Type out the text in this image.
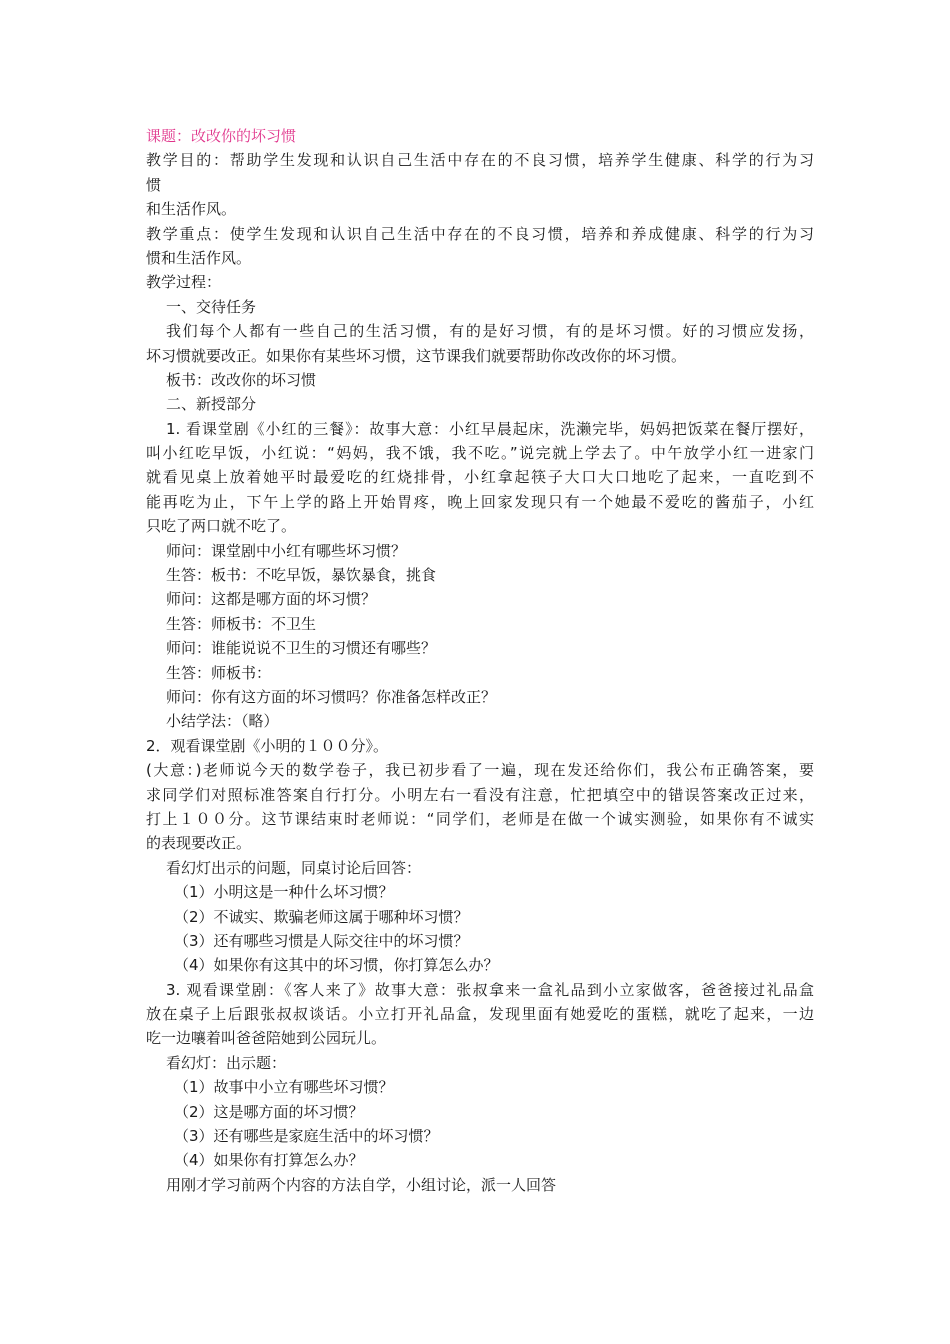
课题：改改你的坏习惯
教学目的：帮助学生发现和认识自己生活中存在的不良习惯，培养学生健康、科学的行为习
惯
和生活作风。
教学重点：使学生发现和认识自己生活中存在的不良习惯，培养和养成健康、科学的行为习
惯和生活作风。
教学过程：
一、交待任务
我们每个人都有一些自己的生活习惯，有的是好习惯，有的是坏习惯。好的习惯应发扬，
坏习惯就要改正。如果你有某些坏习惯，这节课我们就要帮助你改改你的坏习惯。
板书：改改你的坏习惯
二、新授部分
1. 看课堂剧《小红的三餐》：故事大意：小红早晨起床，洗濑完毕，妈妈把饭菜在餐厅摆好，
叫小红吃早饭，小红说：“妈妈，我不饿，我不吃。”说完就上学去了。中午放学小红一进家门
就看见桌上放着她平时最爱吃的红烧排骨，小红拿起筷子大口大口地吃了起来，一直吃到不
能再吃为止，下午上学的路上开始胃疼，晚上回家发现只有一个她最不爱吃的酱茄子，小红
只吃了两口就不吃了。
师问：课堂剧中小红有哪些坏习惯？
生答：板书：不吃早饭，暴饮暴食，挑食
师问：这都是哪方面的坏习惯？
生答：师板书：不卫生
师问：谁能说说不卫生的习惯还有哪些？
生答：师板书：
师问：你有这方面的坏习惯吗？你准备怎样改正？
小结学法：（略）
2．观看课堂剧《小明的１００分》。
(大意：)老师说今天的数学卷子，我已初步看了一遍，现在发还给你们，我公布正确答案，要
求同学们对照标准答案自行打分。小明左右一看没有注意，忙把填空中的错误答案改正过来，
打上１００分。这节课结束时老师说：“同学们，老师是在做一个诚实测验，如果你有不诚实
的表现要改正。
看幻灯出示的问题，同桌讨论后回答：
（1）小明这是一种什么坏习惯？
（2）不诚实、欺骗老师这属于哪种坏习惯？
（3）还有哪些习惯是人际交往中的坏习惯？
（4）如果你有这其中的坏习惯，你打算怎么办？
3. 观看课堂剧：《客人来了》故事大意：张叔拿来一盒礼品到小立家做客，爸爸接过礼品盒
放在桌子上后跟张叔叔谈话。小立打开礼品盒，发现里面有她爱吃的蛋糕，就吃了起来，一边
吃一边嚷着叫爸爸陪她到公园玩儿。
看幻灯：出示题：
（1）故事中小立有哪些坏习惯？
（2）这是哪方面的坏习惯？
（3）还有哪些是家庭生活中的坏习惯？
（4）如果你有打算怎么办？
用刚才学习前两个内容的方法自学，小组讨论，派一人回答
